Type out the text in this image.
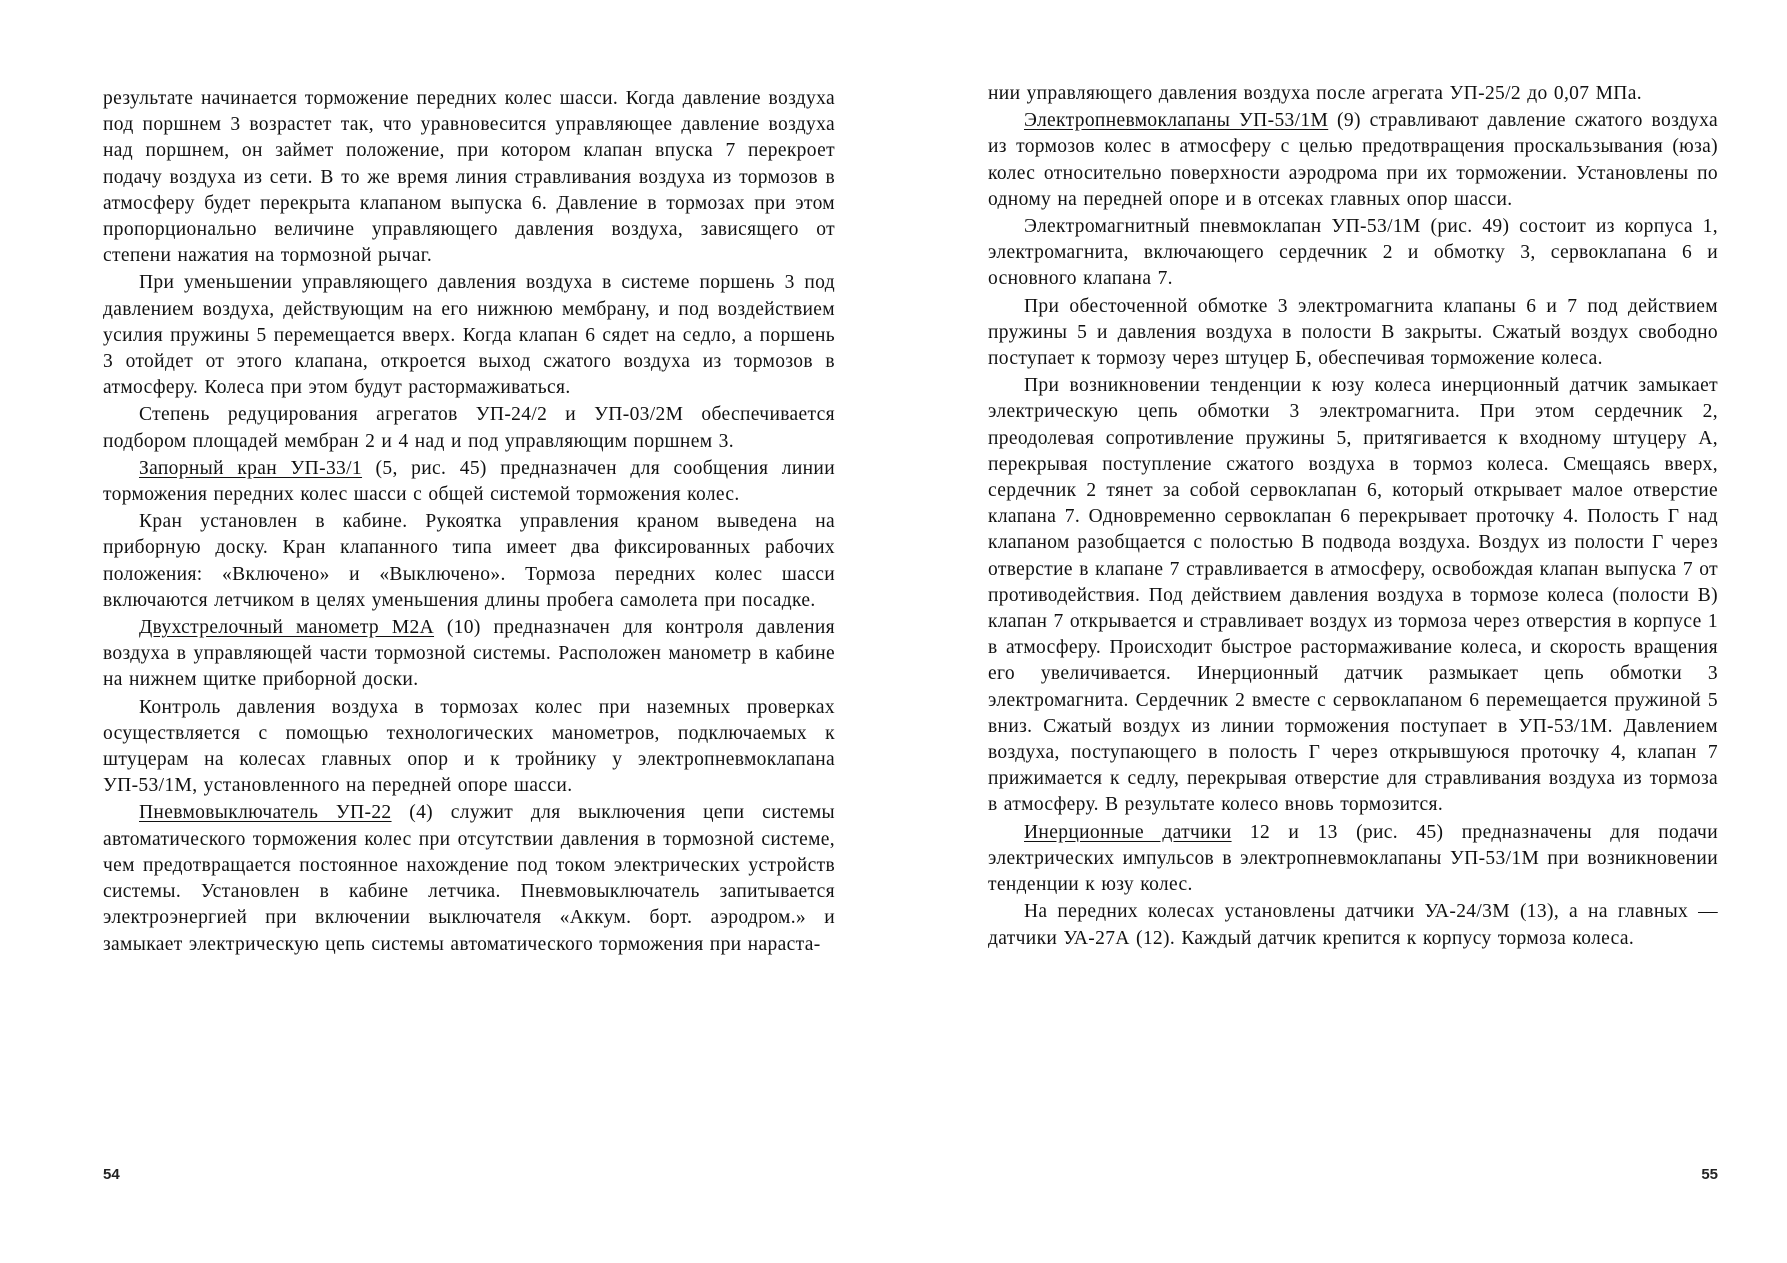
результате начинается торможение передних колес шасси. Когда давление воздуха под поршнем 3 возрастет так, что уравновесится управляющее давление воздуха над поршнем, он займет положение, при котором клапан впуска 7 перекроет подачу воздуха из сети. В то же время линия стравливания воздуха из тормозов в атмосферу будет перекрыта клапаном выпуска 6. Давление в тормозах при этом пропорционально величине управляющего давления воздуха, зависящего от степени нажатия на тормозной рычаг.

При уменьшении управляющего давления воздуха в системе поршень 3 под давлением воздуха, действующим на его нижнюю мембрану, и под воздействием усилия пружины 5 перемещается вверх. Когда клапан 6 сядет на седло, а поршень 3 отойдет от этого клапана, откроется выход сжатого воздуха из тормозов в атмосферу. Колеса при этом будут растормаживаться.

Степень редуцирования агрегатов УП-24/2 и УП-03/2М обеспечивается подбором площадей мембран 2 и 4 над и под управляющим поршнем 3.

Запорный кран УП-33/1 (5, рис. 45) предназначен для сообщения линии торможения передних колес шасси с общей системой торможения колес.

Кран установлен в кабине. Рукоятка управления краном выведена на приборную доску. Кран клапанного типа имеет два фиксированных рабочих положения: «Включено» и «Выключено». Тормоза передних колес шасси включаются летчиком в целях уменьшения длины пробега самолета при посадке.

Двухстрелочный манометр М2А (10) предназначен для контроля давления воздуха в управляющей части тормозной системы. Расположен манометр в кабине на нижнем щитке приборной доски.

Контроль давления воздуха в тормозах колес при наземных проверках осуществляется с помощью технологических манометров, подключаемых к штуцерам на колесах главных опор и к тройнику у электропневмоклапана УП-53/1М, установленного на передней опоре шасси.

Пневмовыключатель УП-22 (4) служит для выключения цепи системы автоматического торможения колес при отсутствии давления в тормозной системе, чем предотвращается постоянное нахождение под током электрических устройств системы. Установлен в кабине летчика. Пневмовыключатель запитывается электроэнергией при включении выключателя «Аккум. борт. аэродром.» и замыкает электрическую цепь системы автоматического торможения при нараста-

54

нии управляющего давления воздуха после агрегата УП-25/2 до 0,07 МПа.

Электропневмоклапаны УП-53/1М (9) стравливают давление сжатого воздуха из тормозов колес в атмосферу с целью предотвращения проскальзывания (юза) колес относительно поверхности аэродрома при их торможении. Установлены по одному на передней опоре и в отсеках главных опор шасси.

Электромагнитный пневмоклапан УП-53/1М (рис. 49) состоит из корпуса 1, электромагнита, включающего сердечник 2 и обмотку 3, сервоклапана 6 и основного клапана 7.

При обесточенной обмотке 3 электромагнита клапаны 6 и 7 под действием пружины 5 и давления воздуха в полости В закрыты. Сжатый воздух свободно поступает к тормозу через штуцер Б, обеспечивая торможение колеса.

При возникновении тенденции к юзу колеса инерционный датчик замыкает электрическую цепь обмотки 3 электромагнита. При этом сердечник 2, преодолевая сопротивление пружины 5, притягивается к входному штуцеру А, перекрывая поступление сжатого воздуха в тормоз колеса. Смещаясь вверх, сердечник 2 тянет за собой сервоклапан 6, который открывает малое отверстие клапана 7. Одновременно сервоклапан 6 перекрывает проточку 4. Полость Г над клапаном разобщается с полостью В подвода воздуха. Воздух из полости Г через отверстие в клапане 7 стравливается в атмосферу, освобождая клапан выпуска 7 от противодействия. Под действием давления воздуха в тормозе колеса (полости В) клапан 7 открывается и стравливает воздух из тормоза через отверстия в корпусе 1 в атмосферу. Происходит быстрое растормаживание колеса, и скорость вращения его увеличивается. Инерционный датчик размыкает цепь обмотки 3 электромагнита. Сердечник 2 вместе с сервоклапаном 6 перемещается пружиной 5 вниз. Сжатый воздух из линии торможения поступает в УП-53/1М. Давлением воздуха, поступающего в полость Г через открывшуюся проточку 4, клапан 7 прижимается к седлу, перекрывая отверстие для стравливания воздуха из тормоза в атмосферу. В результате колесо вновь тормозится.

Инерционные датчики 12 и 13 (рис. 45) предназначены для подачи электрических импульсов в электропневмоклапаны УП-53/1М при возникновении тенденции к юзу колес.

На передних колесах установлены датчики УА-24/3М (13), а на главных — датчики УА-27А (12). Каждый датчик крепится к корпусу тормоза колеса.

55
